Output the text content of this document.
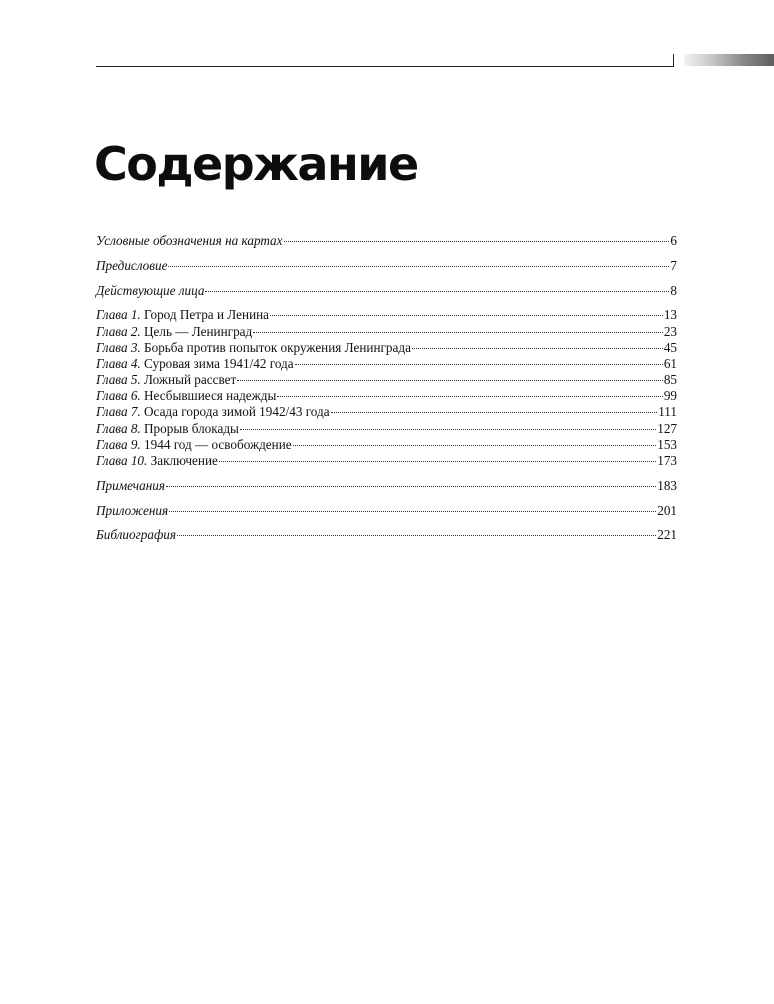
Содержание
Условные обозначения на картах	6
Предисловие	7
Действующие лица	8
Глава 1. Город Петра и Ленина	13
Глава 2. Цель — Ленинград	23
Глава 3. Борьба против попыток окружения Ленинграда	45
Глава 4. Суровая зима 1941/42 года	61
Глава 5. Ложный рассвет	85
Глава 6. Несбывшиеся надежды	99
Глава 7. Осада города зимой 1942/43 года	111
Глава 8. Прорыв блокады	127
Глава 9. 1944 год — освобождение	153
Глава 10. Заключение	173
Примечания	183
Приложения	201
Библиография	221
